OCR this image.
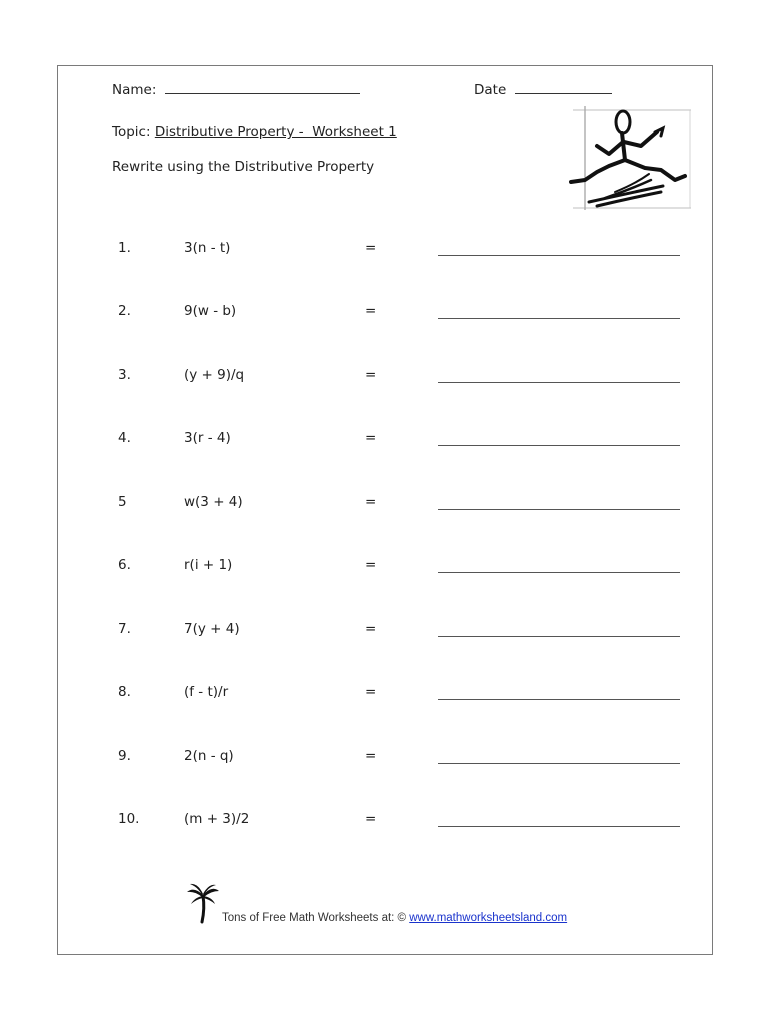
Name:	Date
Topic: Distributive Property -  Worksheet 1
Rewrite using the Distributive Property
1.	3(n - t)	=
2.	9(w - b)	=
3.	(y + 9)/q	=
4.	3(r - 4)	=
5	w(3 + 4)	=
6.	r(i + 1)	=
7.	7(y + 4)	=
8.	(f - t)/r	=
9.	2(n - q)	=
10.	(m + 3)/2	=
Tons of Free Math Worksheets at: © www.mathworksheetsland.com
